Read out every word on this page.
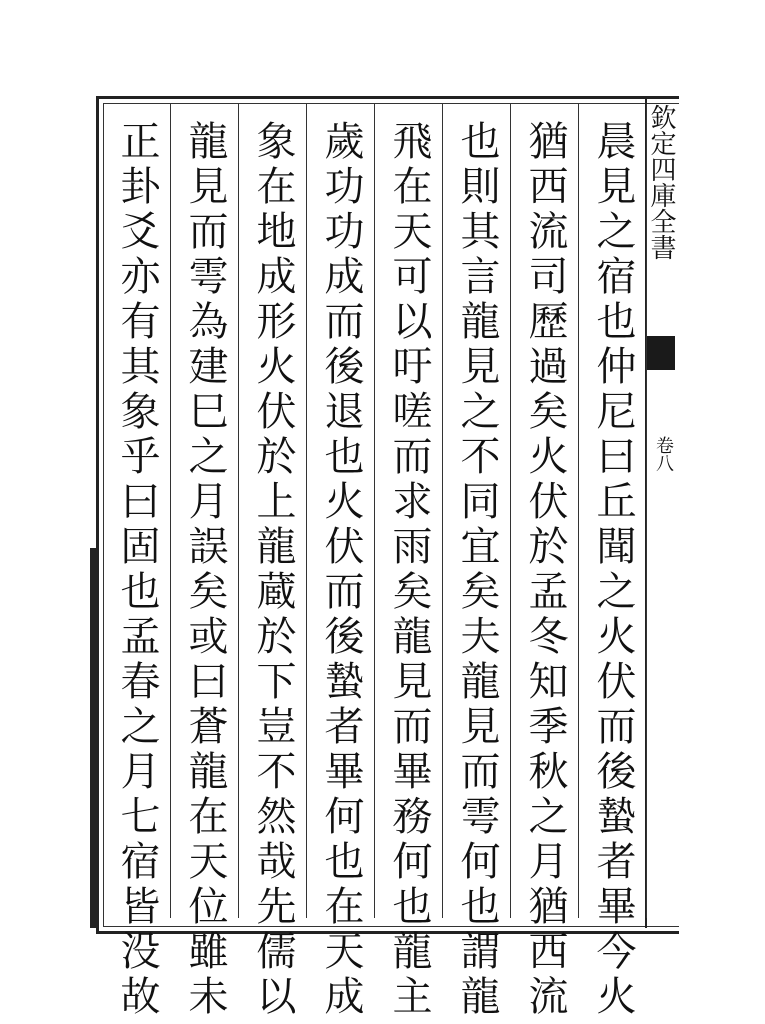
欽定四庫全書
卷八
晨見之宿也仲尼曰丘聞之火伏而後蟄者畢今火
猶西流司歷過矣火伏於孟冬知季秋之月猶西流
也則其言龍見之不同宜矣夫龍見而雩何也謂龍
飛在天可以吁嗟而求雨矣龍見而畢務何也龍主
歲功功成而後退也火伏而後蟄者畢何也在天成
象在地成形火伏於上龍蔵於下豈不然哉先儒以
龍見而雩為建巳之月誤矣或曰蒼龍在天位雖未
正卦爻亦有其象乎曰固也孟春之月七宿皆没故
